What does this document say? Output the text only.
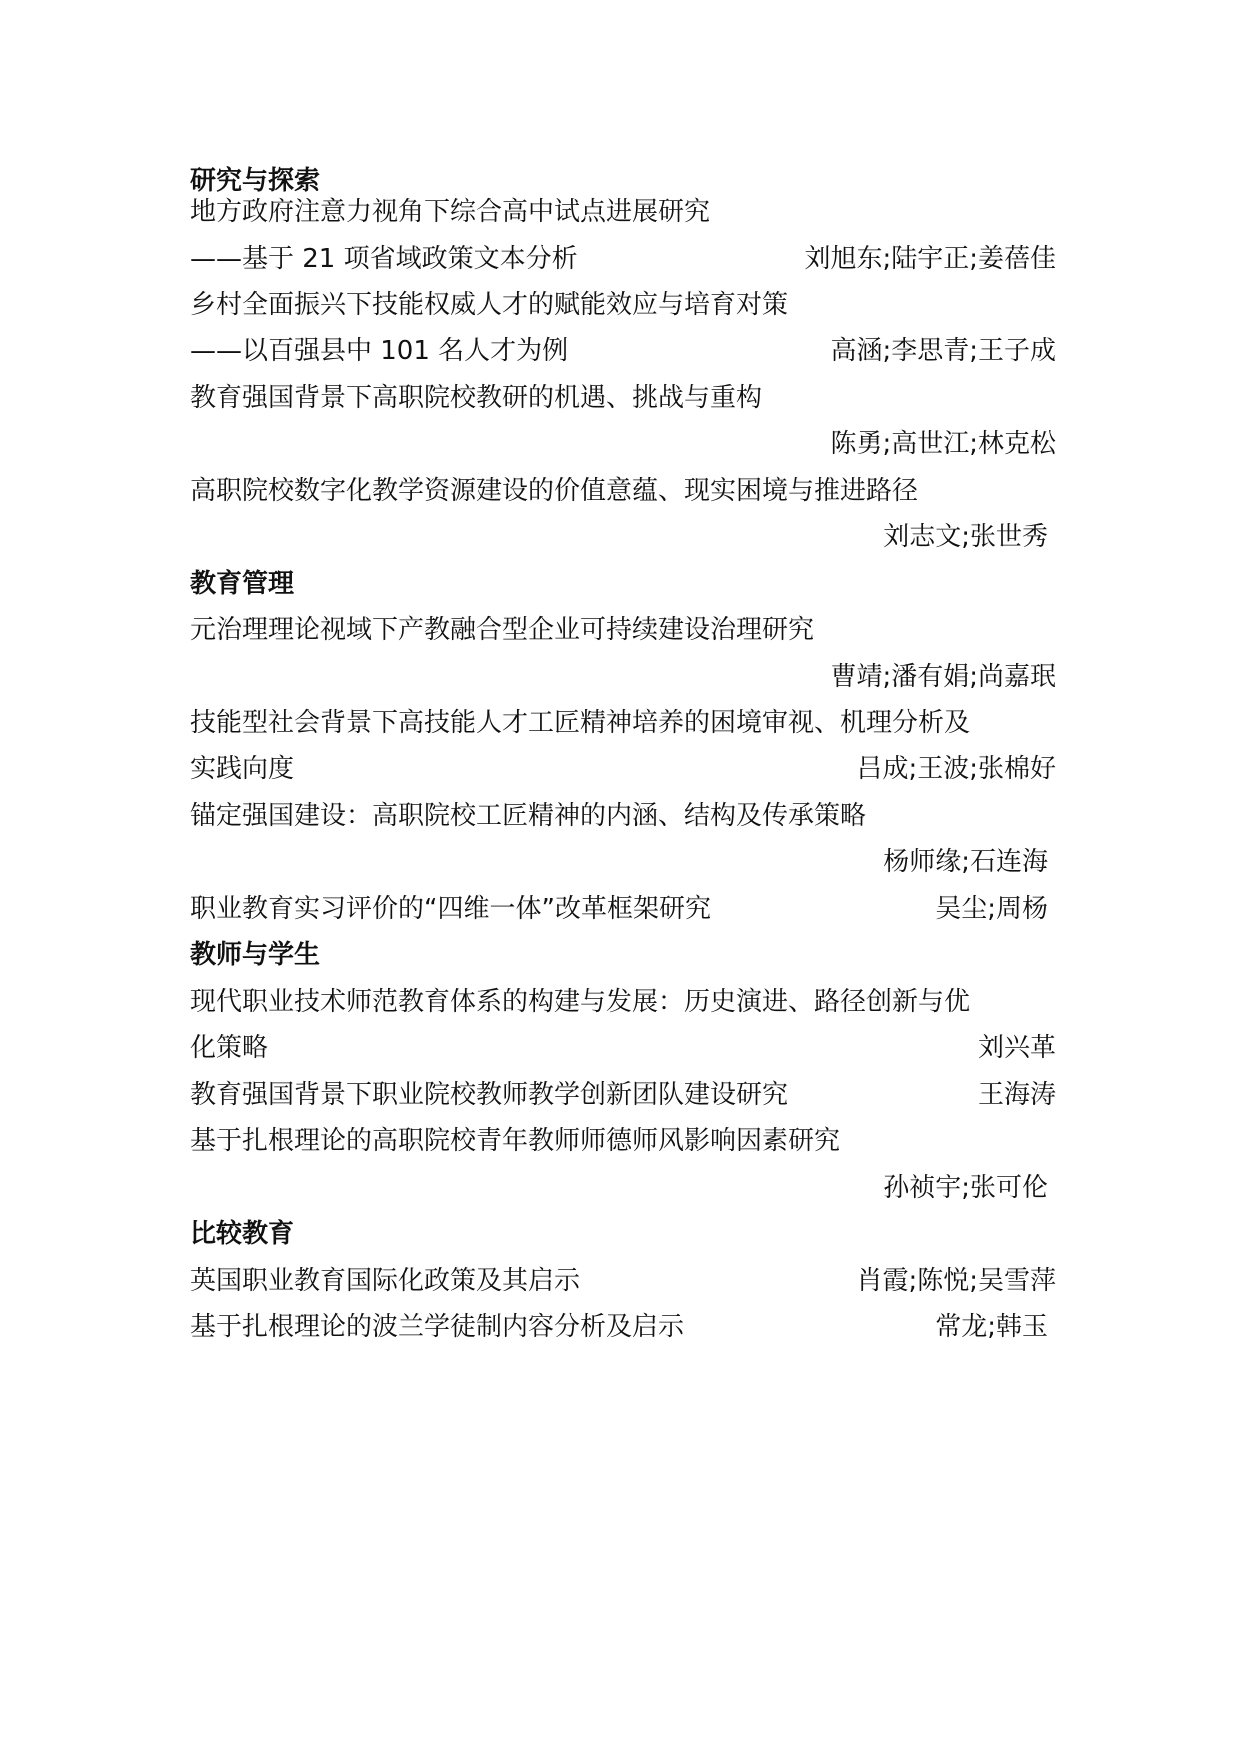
研究与探索
地方政府注意力视角下综合高中试点进展研究
——基于 21 项省域政策文本分析	刘旭东;陆宇正;姜蓓佳
乡村全面振兴下技能权威人才的赋能效应与培育对策
——以百强县中 101 名人才为例	高涵;李思青;王子成
教育强国背景下高职院校教研的机遇、挑战与重构
陈勇;高世江;林克松
高职院校数字化教学资源建设的价值意蕴、现实困境与推进路径
刘志文;张世秀
教育管理
元治理理论视域下产教融合型企业可持续建设治理研究
曹靖;潘有娟;尚嘉珉
技能型社会背景下高技能人才工匠精神培养的困境审视、机理分析及
实践向度	吕成;王波;张棉好
锚定强国建设：高职院校工匠精神的内涵、结构及传承策略
杨师缘;石连海
职业教育实习评价的“四维一体”改革框架研究	吴尘;周杨
教师与学生
现代职业技术师范教育体系的构建与发展：历史演进、路径创新与优
化策略	刘兴革
教育强国背景下职业院校教师教学创新团队建设研究	王海涛
基于扎根理论的高职院校青年教师师德师风影响因素研究
孙祯宇;张可伦
比较教育
英国职业教育国际化政策及其启示	肖霞;陈悦;吴雪萍
基于扎根理论的波兰学徒制内容分析及启示	常龙;韩玉
